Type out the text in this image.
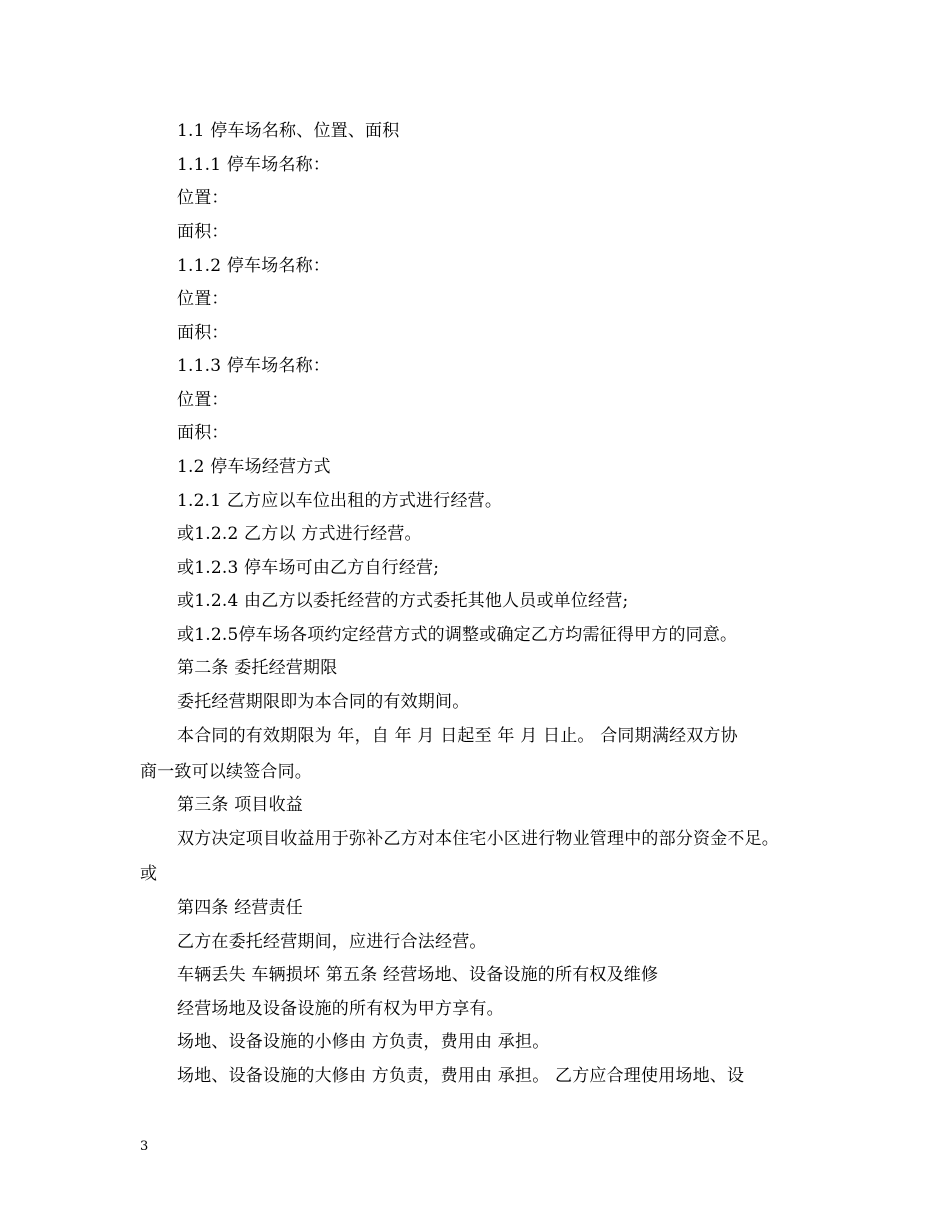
1.1 停车场名称、位置、面积
1.1.1 停车场名称：
位置：
面积：
1.1.2 停车场名称：
位置：
面积：
1.1.3 停车场名称：
位置：
面积：
1.2 停车场经营方式
1.2.1 乙方应以车位出租的方式进行经营。
或1.2.2 乙方以 方式进行经营。
或1.2.3 停车场可由乙方自行经营;
或1.2.4 由乙方以委托经营的方式委托其他人员或单位经营;
或1.2.5停车场各项约定经营方式的调整或确定乙方均需征得甲方的同意。
第二条 委托经营期限
委托经营期限即为本合同的有效期间。
本合同的有效期限为 年，自 年 月 日起至 年 月 日止。 合同期满经双方协
商一致可以续签合同。
第三条 项目收益
双方决定项目收益用于弥补乙方对本住宅小区进行物业管理中的部分资金不足。
或
第四条 经营责任
乙方在委托经营期间，应进行合法经营。
车辆丢失 车辆损坏 第五条 经营场地、设备设施的所有权及维修
经营场地及设备设施的所有权为甲方享有。
场地、设备设施的小修由 方负责，费用由 承担。
场地、设备设施的大修由 方负责，费用由 承担。 乙方应合理使用场地、设
3
